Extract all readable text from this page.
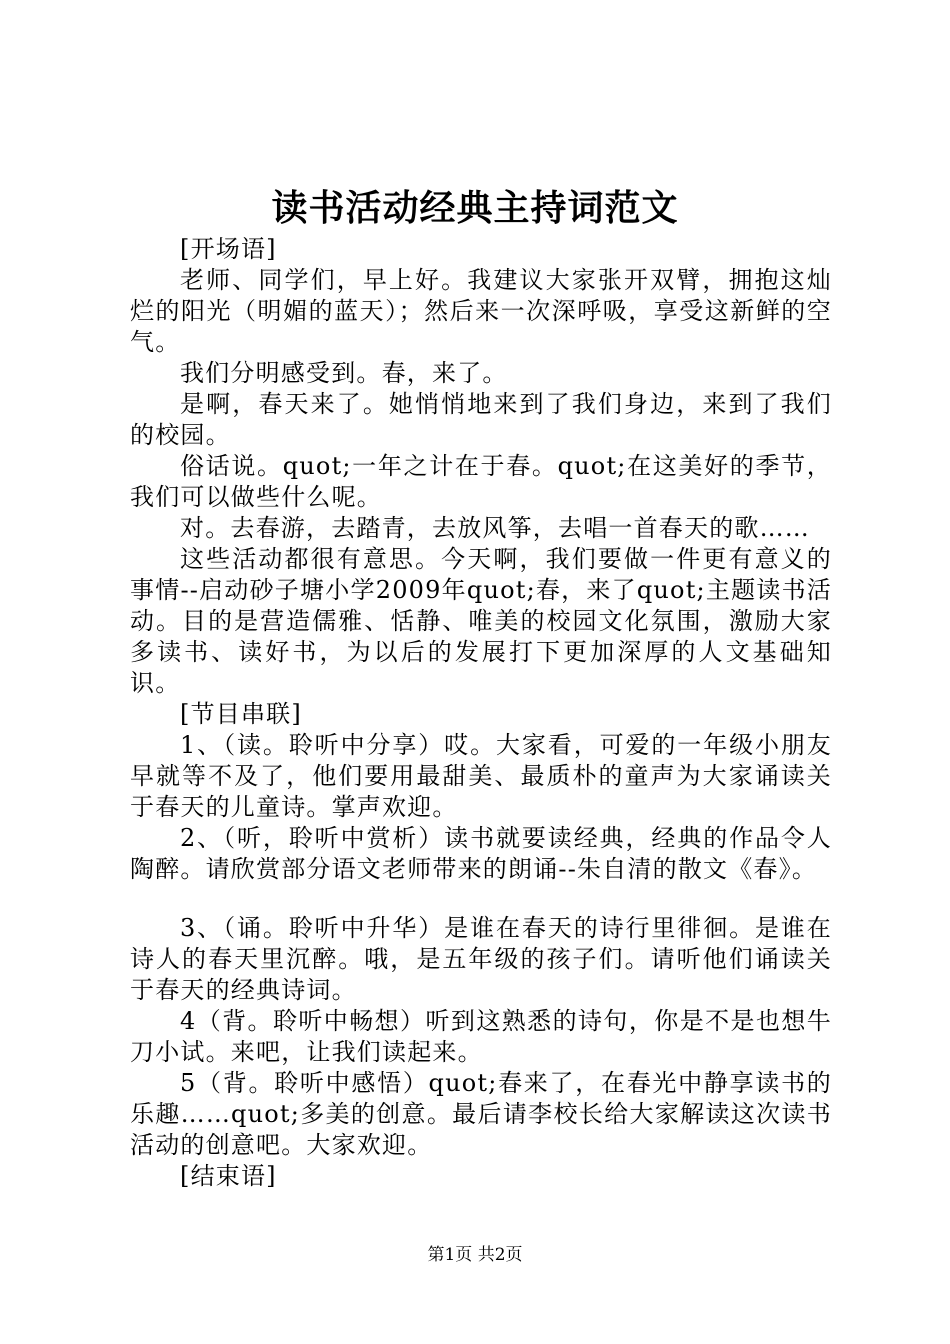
读书活动经典主持词范文

[开场语]

老师、同学们，早上好。我建议大家张开双臂，拥抱这灿烂的阳光（明媚的蓝天）；然后来一次深呼吸，享受这新鲜的空气。

我们分明感受到。春，来了。

是啊，春天来了。她悄悄地来到了我们身边，来到了我们的校园。

俗话说。quot;一年之计在于春。quot;在这美好的季节，我们可以做些什么呢。

对。去春游，去踏青，去放风筝，去唱一首春天的歌……

这些活动都很有意思。今天啊，我们要做一件更有意义的事情--启动砂子塘小学2009年quot;春，来了quot;主题读书活动。目的是营造儒雅、恬静、唯美的校园文化氛围，激励大家多读书、读好书，为以后的发展打下更加深厚的人文基础知识。

[节目串联]

1、（读。聆听中分享）哎。大家看，可爱的一年级小朋友早就等不及了，他们要用最甜美、最质朴的童声为大家诵读关于春天的儿童诗。掌声欢迎。

2、（听，聆听中赏析）读书就要读经典，经典的作品令人陶醉。请欣赏部分语文老师带来的朗诵--朱自清的散文《春》。

3、（诵。聆听中升华）是谁在春天的诗行里徘徊。是谁在诗人的春天里沉醉。哦，是五年级的孩子们。请听他们诵读关于春天的经典诗词。

4（背。聆听中畅想）听到这熟悉的诗句，你是不是也想牛刀小试。来吧，让我们读起来。

5（背。聆听中感悟）quot;春来了，在春光中静享读书的乐趣……quot;多美的创意。最后请李校长给大家解读这次读书活动的创意吧。大家欢迎。

[结束语]

第1页 共2页
